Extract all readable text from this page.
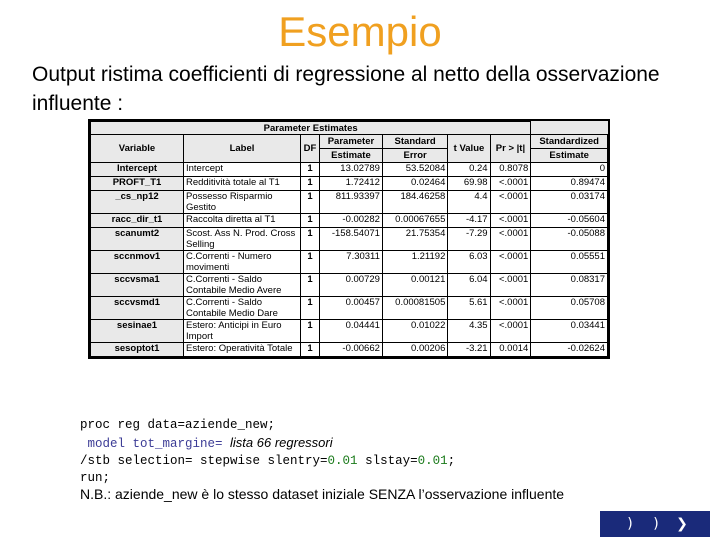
Esempio
Output ristima coefficienti di regressione al netto della osservazione influente :
Parameter Estimates							
Variable	Label	DF	Parameter	Standard	t Value	Pr > |t|	Standardized
			Estimate	Error			Estimate
Intercept	Intercept	1	13.02789	53.52084	0.24	0.8078	0
PROFT_T1	Redditività totale al T1	1	1.72412	0.02464	69.98	<.0001	0.89474
_cs_np12	Possesso Risparmio Gestito	1	811.93397	184.46258	4.4	<.0001	0.03174
racc_dir_t1	Raccolta diretta al T1	1	-0.00282	0.00067655	-4.17	<.0001	-0.05604
scanumt2	Scost. Ass N. Prod. Cross Selling	1	-158.54071	21.75354	-7.29	<.0001	-0.05088
sccnmov1	C.Correnti - Numero movimenti	1	7.30311	1.21192	6.03	<.0001	0.05551
sccvsma1	C.Correnti - Saldo Contabile Medio Avere	1	0.00729	0.00121	6.04	<.0001	0.08317
sccvsmd1	C.Correnti - Saldo Contabile Medio Dare	1	0.00457	0.00081505	5.61	<.0001	0.05708
sesinae1	Estero: Anticipi in Euro Import	1	0.04441	0.01022	4.35	<.0001	0.03441
sesoptot1	Estero: Operatività Totale	1	-0.00662	0.00206	-3.21	0.0014	-0.02624
proc reg data=aziende_new;
model tot_margine= lista 66 regressori
/stb selection= stepwise slentry=0.01 slstay=0.01;
run;
N.B.: aziende_new è lo stesso dataset iniziale SENZA l’osservazione influente
)	)	❯
